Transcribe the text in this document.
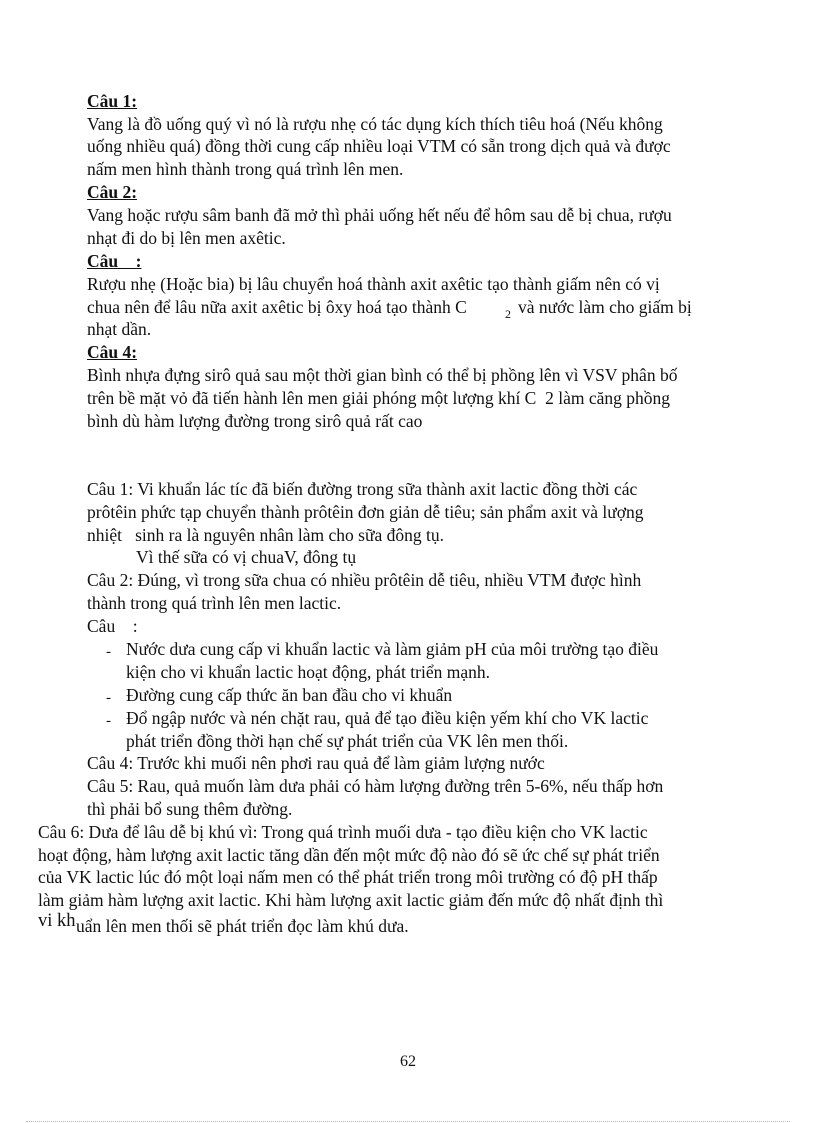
Câu 1:
Vang là đồ uống quý vì nó là rượu nhẹ có tác dụng kích thích tiêu hoá (Nếu không
uống nhiều quá) đồng thời cung cấp nhiều loại VTM có sẵn trong dịch quả và được
nấm men hình thành trong quá trình lên men.
Câu 2:
Vang hoặc rượu sâm banh đã mở thì phải uống hết nếu để hôm sau dễ bị chua, rượu
nhạt đi do bị lên men axêtic.
Câu    :
Rượu nhẹ (Hoặc bia) bị lâu chuyển hoá thành axit axêtic tạo thành giấm nên có vị
chua nên để lâu nữa axit axêtic bị ôxy hoá tạo thành C	2 và nước làm cho giấm bị
nhạt dần.
Câu 4:
Bình nhựa đựng sirô quả sau một thời gian bình có thể bị phồng lên vì VSV phân bố
trên bề mặt vỏ đã tiến hành lên men giải phóng một lượng khí C  2 làm căng phồng
bình dù hàm lượng đường trong sirô quả rất cao
Câu 1: Vi khuẩn lác tíc đã biến đường trong sữa thành axit lactic đồng thời các
prôtêin phức tạp chuyển thành prôtêin đơn giản dễ tiêu; sản phẩm axit và lượng
nhiệt   sinh ra là nguyên nhân làm cho sữa đông tụ.
Vì thế sữa có vị chuaV, đông tụ
Câu 2: Đúng, vì trong sữa chua có nhiều prôtêin dễ tiêu, nhiều VTM được hình
thành trong quá trình lên men lactic.
Câu    :
- Nước dưa cung cấp vi khuẩn lactic và làm giảm pH của môi trường tạo điều
kiện cho vi khuẩn lactic hoạt động, phát triển mạnh.
- Đường cung cấp thức ăn ban đầu cho vi khuẩn
- Đổ ngập nước và nén chặt rau, quả để tạo điều kiện yếm khí cho VK lactic
phát triển đồng thời hạn chế sự phát triển của VK lên men thối.
Câu 4: Trước khi muối nên phơi rau quả để làm giảm lượng nước
Câu 5: Rau, quả muốn làm dưa phải có hàm lượng đường trên 5-6%, nếu thấp hơn
thì phải bổ sung thêm đường.
Câu 6: Dưa để lâu dễ bị khú vì: Trong quá trình muối dưa - tạo điều kiện cho VK lactic
hoạt động, hàm lượng axit lactic tăng dần đến một mức độ nào đó sẽ ức chế sự phát triển
của VK lactic lúc đó một loại nấm men có thể phát triển trong môi trường có độ pH thấp
làm giảm hàm lượng axit lactic. Khi hàm lượng axit lactic giảm đến mức độ nhất định thì
vi kh uẩn lên men thối sẽ phát triển đọc làm khú dưa.
62
